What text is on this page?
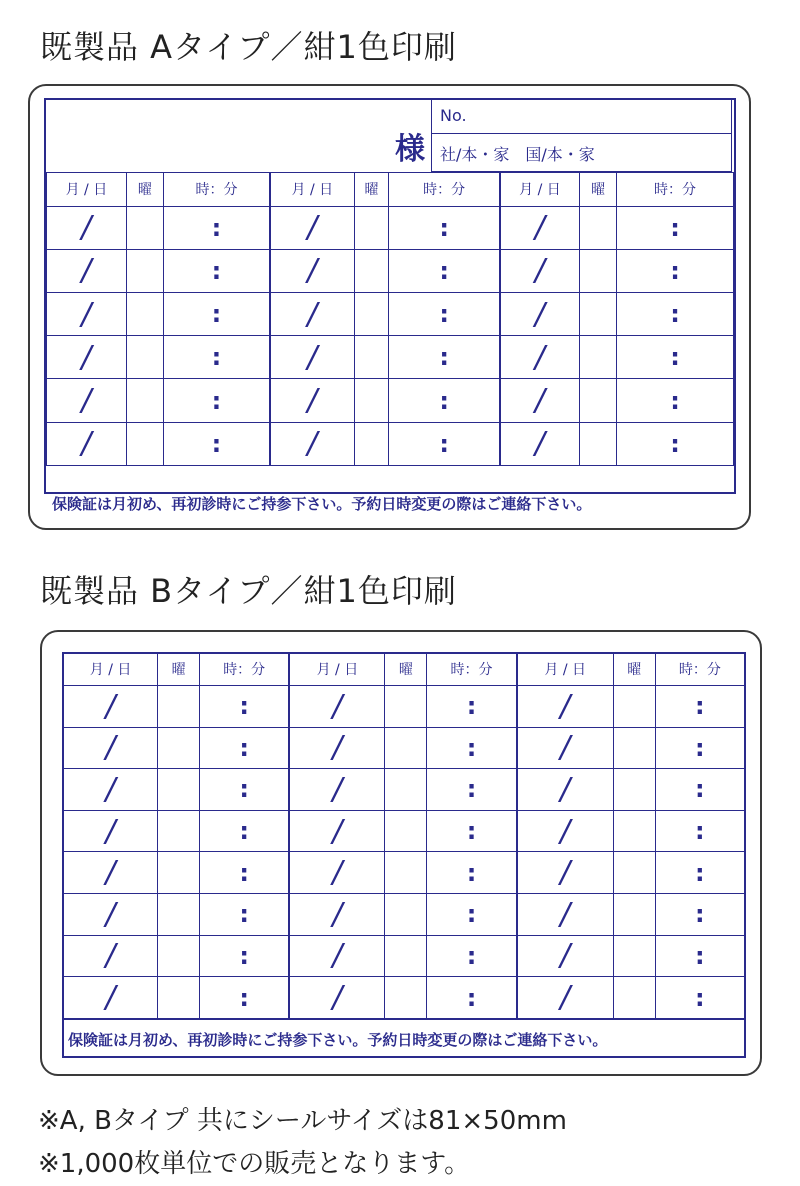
既製品 Aタイプ／紺1色印刷
様
No.
社/本・家　国/本・家
月 / 日	曜	時：分	月 / 日	曜	時：分	月 / 日	曜	時：分
/		:	/		:	/		:
/		:	/		:	/		:
/		:	/		:	/		:
/		:	/		:	/		:
/		:	/		:	/		:
/		:	/		:	/		:
保険証は月初め、再初診時にご持参下さい。予約日時変更の際はご連絡下さい。
既製品 Bタイプ／紺1色印刷
月 / 日	曜	時：分	月 / 日	曜	時：分	月 / 日	曜	時：分
/		:	/		:	/		:
/		:	/		:	/		:
/		:	/		:	/		:
/		:	/		:	/		:
/		:	/		:	/		:
/		:	/		:	/		:
/		:	/		:	/		:
/		:	/		:	/		:
保険証は月初め、再初診時にご持参下さい。予約日時変更の際はご連絡下さい。
※A, Bタイプ 共にシールサイズは81×50mm
※1,000枚単位での販売となります。
